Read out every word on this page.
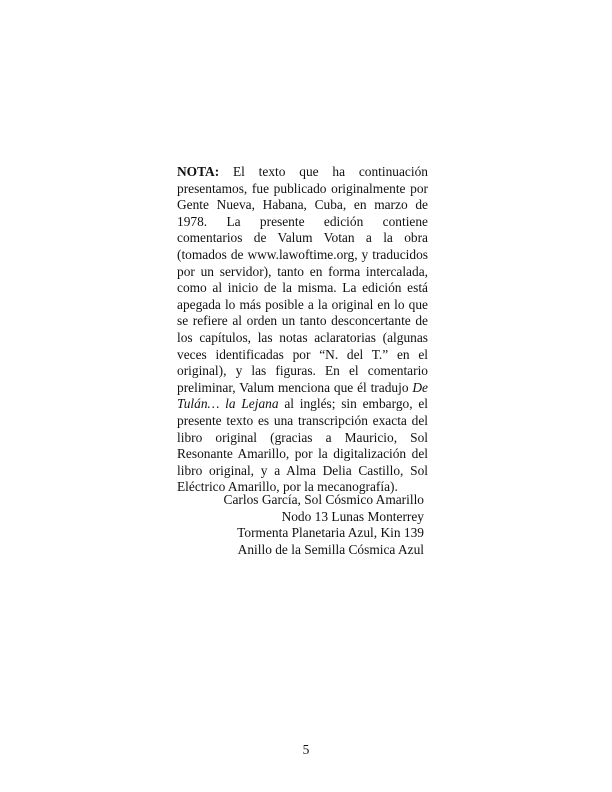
NOTA: El texto que ha continuación presentamos, fue publicado originalmente por Gente Nueva, Habana, Cuba, en marzo de 1978. La presente edición contiene comentarios de Valum Votan a la obra (tomados de www.lawoftime.org, y traducidos por un servidor), tanto en forma intercalada, como al inicio de la misma. La edición está apegada lo más posible a la original en lo que se refiere al orden un tanto desconcertante de los capítulos, las notas aclaratorias (algunas veces identificadas por “N. del T.” en el original), y las figuras. En el comentario preliminar, Valum menciona que él tradujo De Tulán… la Lejana al inglés; sin embargo, el presente texto es una transcripción exacta del libro original (gracias a Mauricio, Sol Resonante Amarillo, por la digitalización del libro original, y a Alma Delia Castillo, Sol Eléctrico Amarillo, por la mecanografía).
Carlos García, Sol Cósmico Amarillo
Nodo 13 Lunas Monterrey
Tormenta Planetaria Azul, Kin 139
Anillo de la Semilla Cósmica Azul
5
